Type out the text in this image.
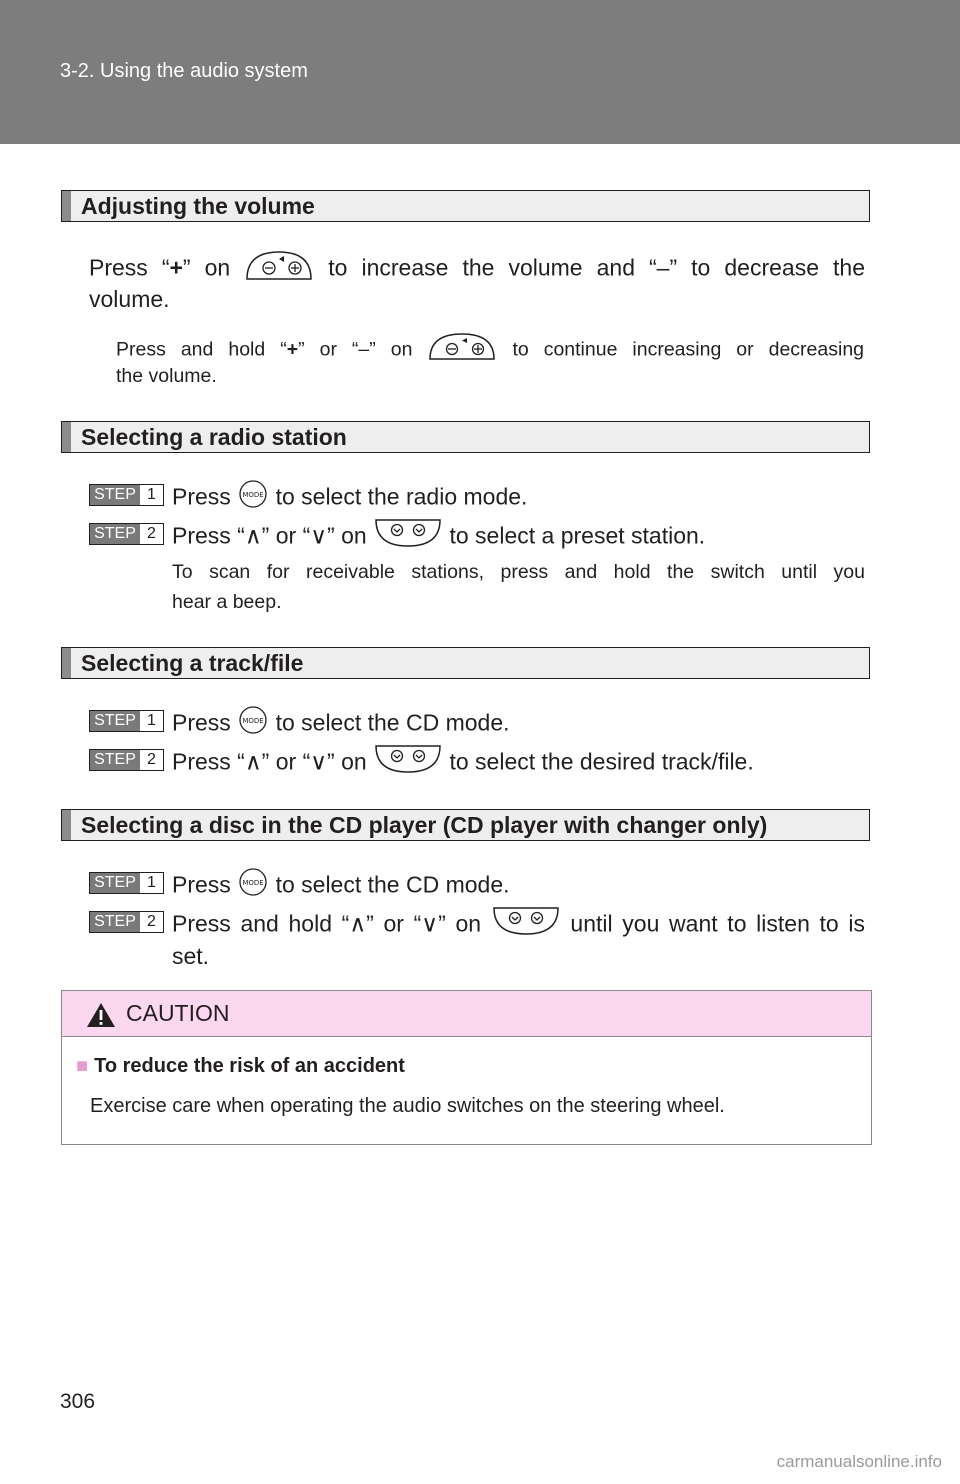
3-2. Using the audio system
Adjusting the volume
Press “+” on	to increase the volume and “–” to decrease the
volume.
Press and hold “+” or “–” on	to continue increasing or decreasing
the volume.
Selecting a radio station
STEP 1 Press MODE to select the radio mode.
STEP 2 Press “∧” or “∨” on	to select a preset station.
To scan for receivable stations, press and hold the switch until you
hear a beep.
Selecting a track/file
STEP 1 Press MODE to select the CD mode.
STEP 2 Press “∧” or “∨” on	to select the desired track/file.
Selecting a disc in the CD player (CD player with changer only)
STEP 1 Press MODE to select the CD mode.
STEP 2 Press and hold “∧” or “∨” on	until you want to listen to is
set.
CAUTION
■ To reduce the risk of an accident
Exercise care when operating the audio switches on the steering wheel.
306
carmanualsonline.info
